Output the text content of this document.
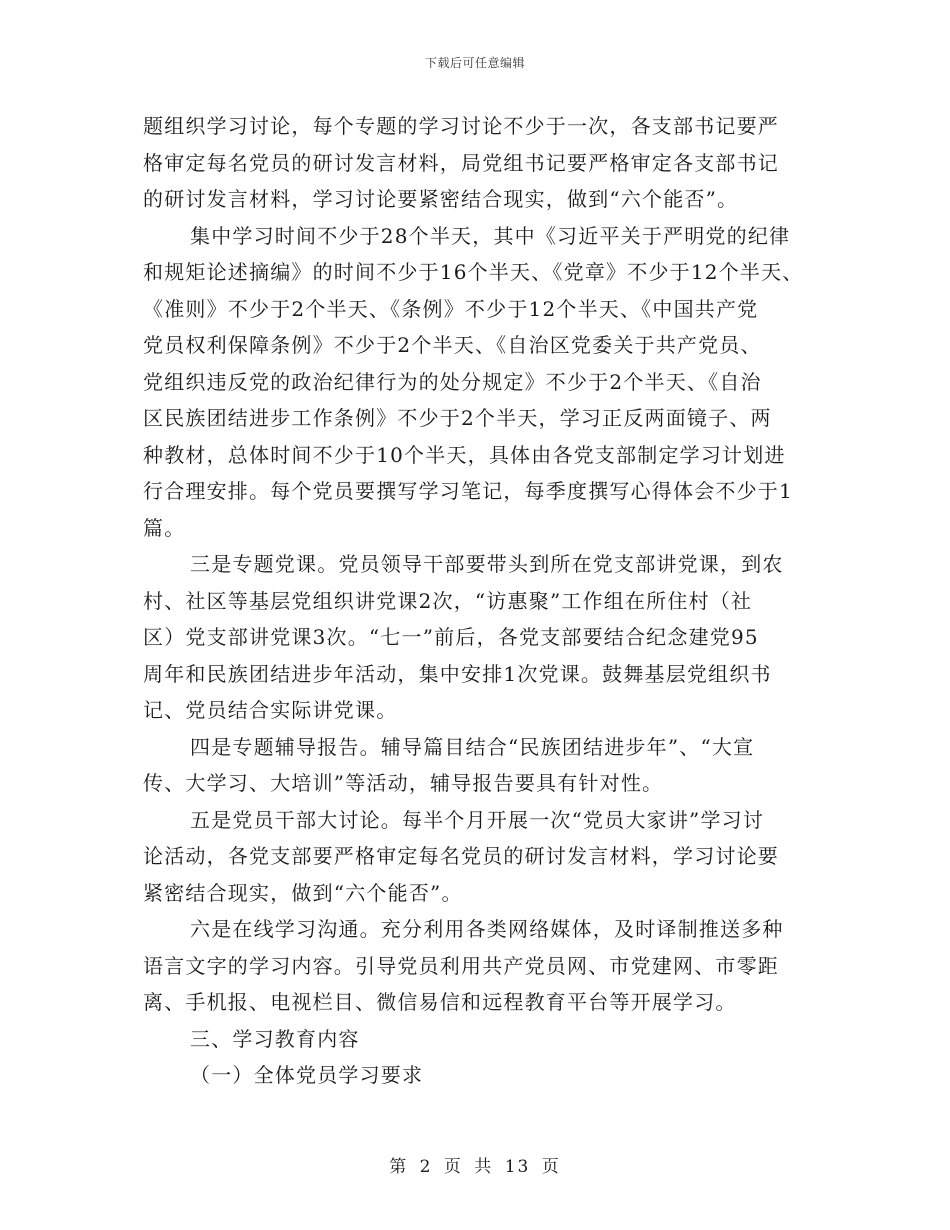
下载后可任意编辑
题组织学习讨论，每个专题的学习讨论不少于一次，各支部书记要严
格审定每名党员的研讨发言材料，局党组书记要严格审定各支部书记
的研讨发言材料，学习讨论要紧密结合现实，做到“六个能否”。
集中学习时间不少于28个半天，其中《习近平关于严明党的纪律
和规矩论述摘编》的时间不少于16个半天、《党章》不少于12个半天、
《准则》不少于2个半天、《条例》不少于12个半天、《中国共产党
党员权利保障条例》不少于2个半天、《自治区党委关于共产党员、
党组织违反党的政治纪律行为的处分规定》不少于2个半天、《自治
区民族团结进步工作条例》不少于2个半天，学习正反两面镜子、两
种教材，总体时间不少于10个半天，具体由各党支部制定学习计划进
行合理安排。每个党员要撰写学习笔记，每季度撰写心得体会不少于1
篇。
三是专题党课。党员领导干部要带头到所在党支部讲党课，到农
村、社区等基层党组织讲党课2次，“访惠聚”工作组在所住村（社
区）党支部讲党课3次。“七一”前后，各党支部要结合纪念建党95
周年和民族团结进步年活动，集中安排1次党课。鼓舞基层党组织书
记、党员结合实际讲党课。
四是专题辅导报告。辅导篇目结合“民族团结进步年”、“大宣
传、大学习、大培训”等活动，辅导报告要具有针对性。
五是党员干部大讨论。每半个月开展一次“党员大家讲”学习讨
论活动，各党支部要严格审定每名党员的研讨发言材料，学习讨论要
紧密结合现实，做到“六个能否”。
六是在线学习沟通。充分利用各类网络媒体，及时译制推送多种
语言文字的学习内容。引导党员利用共产党员网、市党建网、市零距
离、手机报、电视栏目、微信易信和远程教育平台等开展学习。
三、学习教育内容
（一）全体党员学习要求
第 2 页 共 13 页
